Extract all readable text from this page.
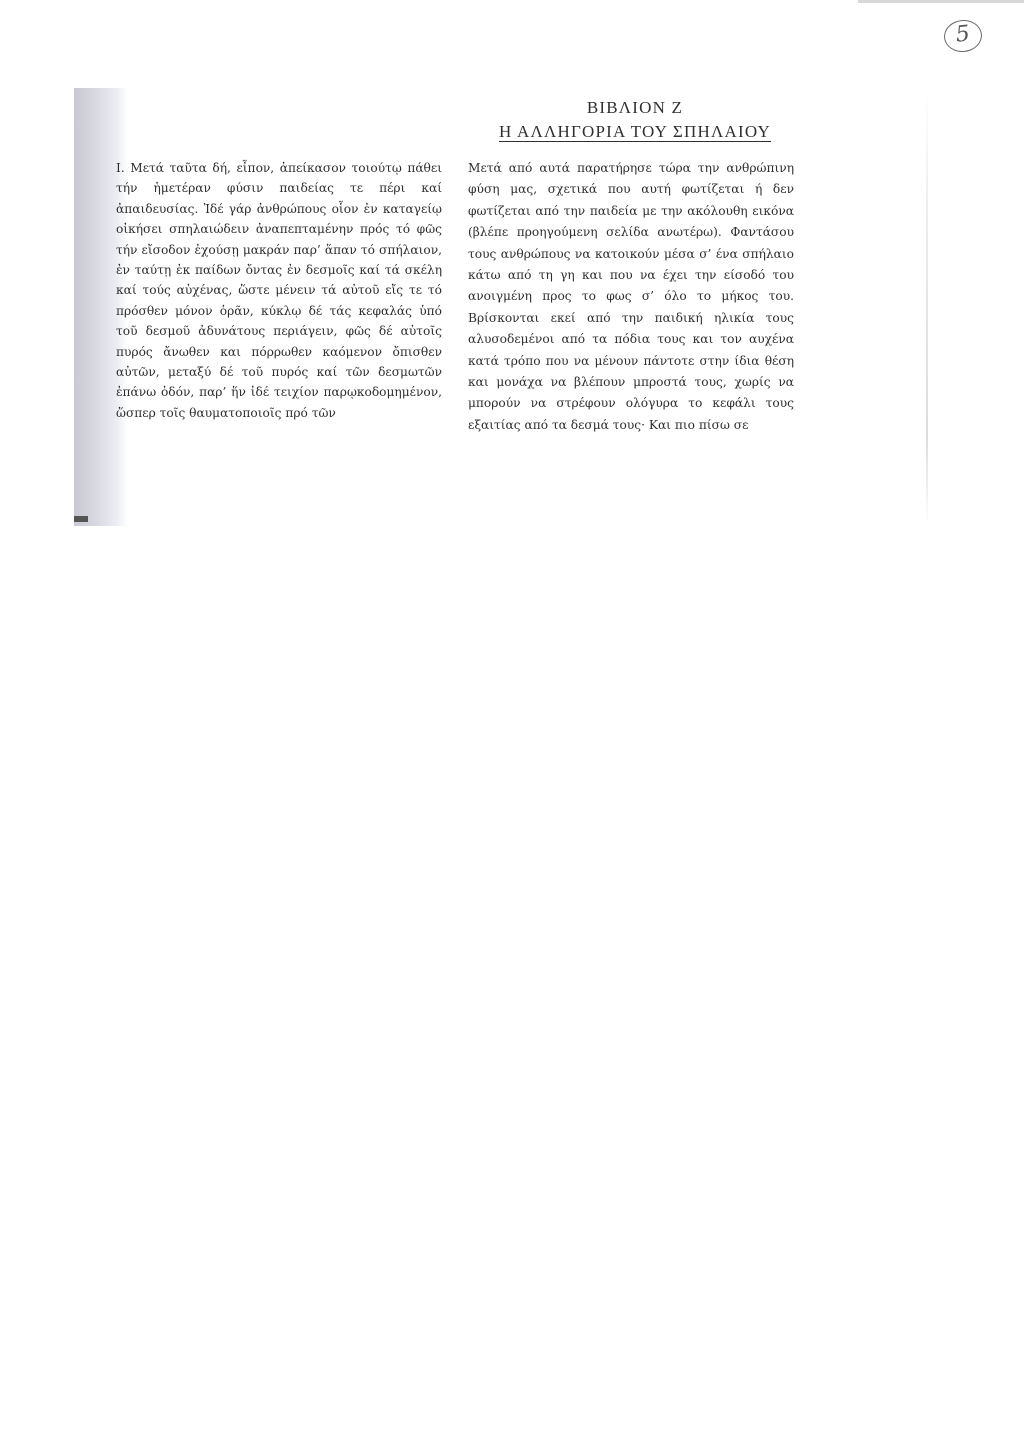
5
ΒΙΒΛΙΟΝ Ζ
Η ΑΛΛΗΓΟΡΙΑ ΤΟΥ ΣΠΗΛΑΙΟΥ

Ι. Μετά ταῦτα δή, εἶπον, ἀπείκασον τοιούτῳ πάθει τήν ἡμετέραν φύσιν παιδείας τε πέρι καί ἀπαιδευσίας. Ἰδέ γάρ ἀνθρώπους οἷον ἐν καταγείῳ οἰκήσει σπηλαιώδειν ἀναπεπταμένην πρός τό φῶς τήν εἴσοδον ἐχούσῃ μακράν παρ’ ἅπαν τό σπήλαιον, ἐν ταύτῃ ἐκ παίδων ὄντας ἐν δεσμοῖς καί τά σκέλη καί τούς αὐχένας, ὥστε μένειν τά αὐτοῦ εἴς τε τό πρόσθεν μόνον ὁρᾶν, κύκλῳ δέ τάς κεφαλάς ὑπό τοῦ δεσμοῦ ἀδυνάτους περιάγειν, φῶς δέ αὐτοῖς πυρός ἄνωθεν και πόρρωθεν καόμενον ὄπισθεν αὐτῶν, μεταξύ δέ τοῦ πυρός καί τῶν δεσμωτῶν ἐπάνω ὁδόν, παρ’ ἥν ἰδέ τειχίον παρῳκοδομημένον, ὥσπερ τοῖς θαυματοποιοῖς πρό τῶν

Μετά από αυτά παρατήρησε τώρα την ανθρώπινη φύση μας, σχετικά που αυτή φωτίζεται ή δεν φωτίζεται από την παιδεία με την ακόλουθη εικόνα (βλέπε προηγούμενη σελίδα ανωτέρω). Φαντάσου τους ανθρώπους να κατοικούν μέσα σ’ ένα σπήλαιο κάτω από τη γη και που να έχει την είσοδό του ανοιγμένη προς το φως σ’ όλο το μήκος του. Βρίσκονται εκεί από την παιδική ηλικία τους αλυσοδεμένοι από τα πόδια τους και τον αυχένα κατά τρόπο που να μένουν πάντοτε στην ίδια θέση και μονάχα να βλέπουν μπροστά τους, χωρίς να μπορούν να στρέφουν ολόγυρα το κεφάλι τους εξαιτίας από τα δεσμά τους· Και πιο πίσω σε
